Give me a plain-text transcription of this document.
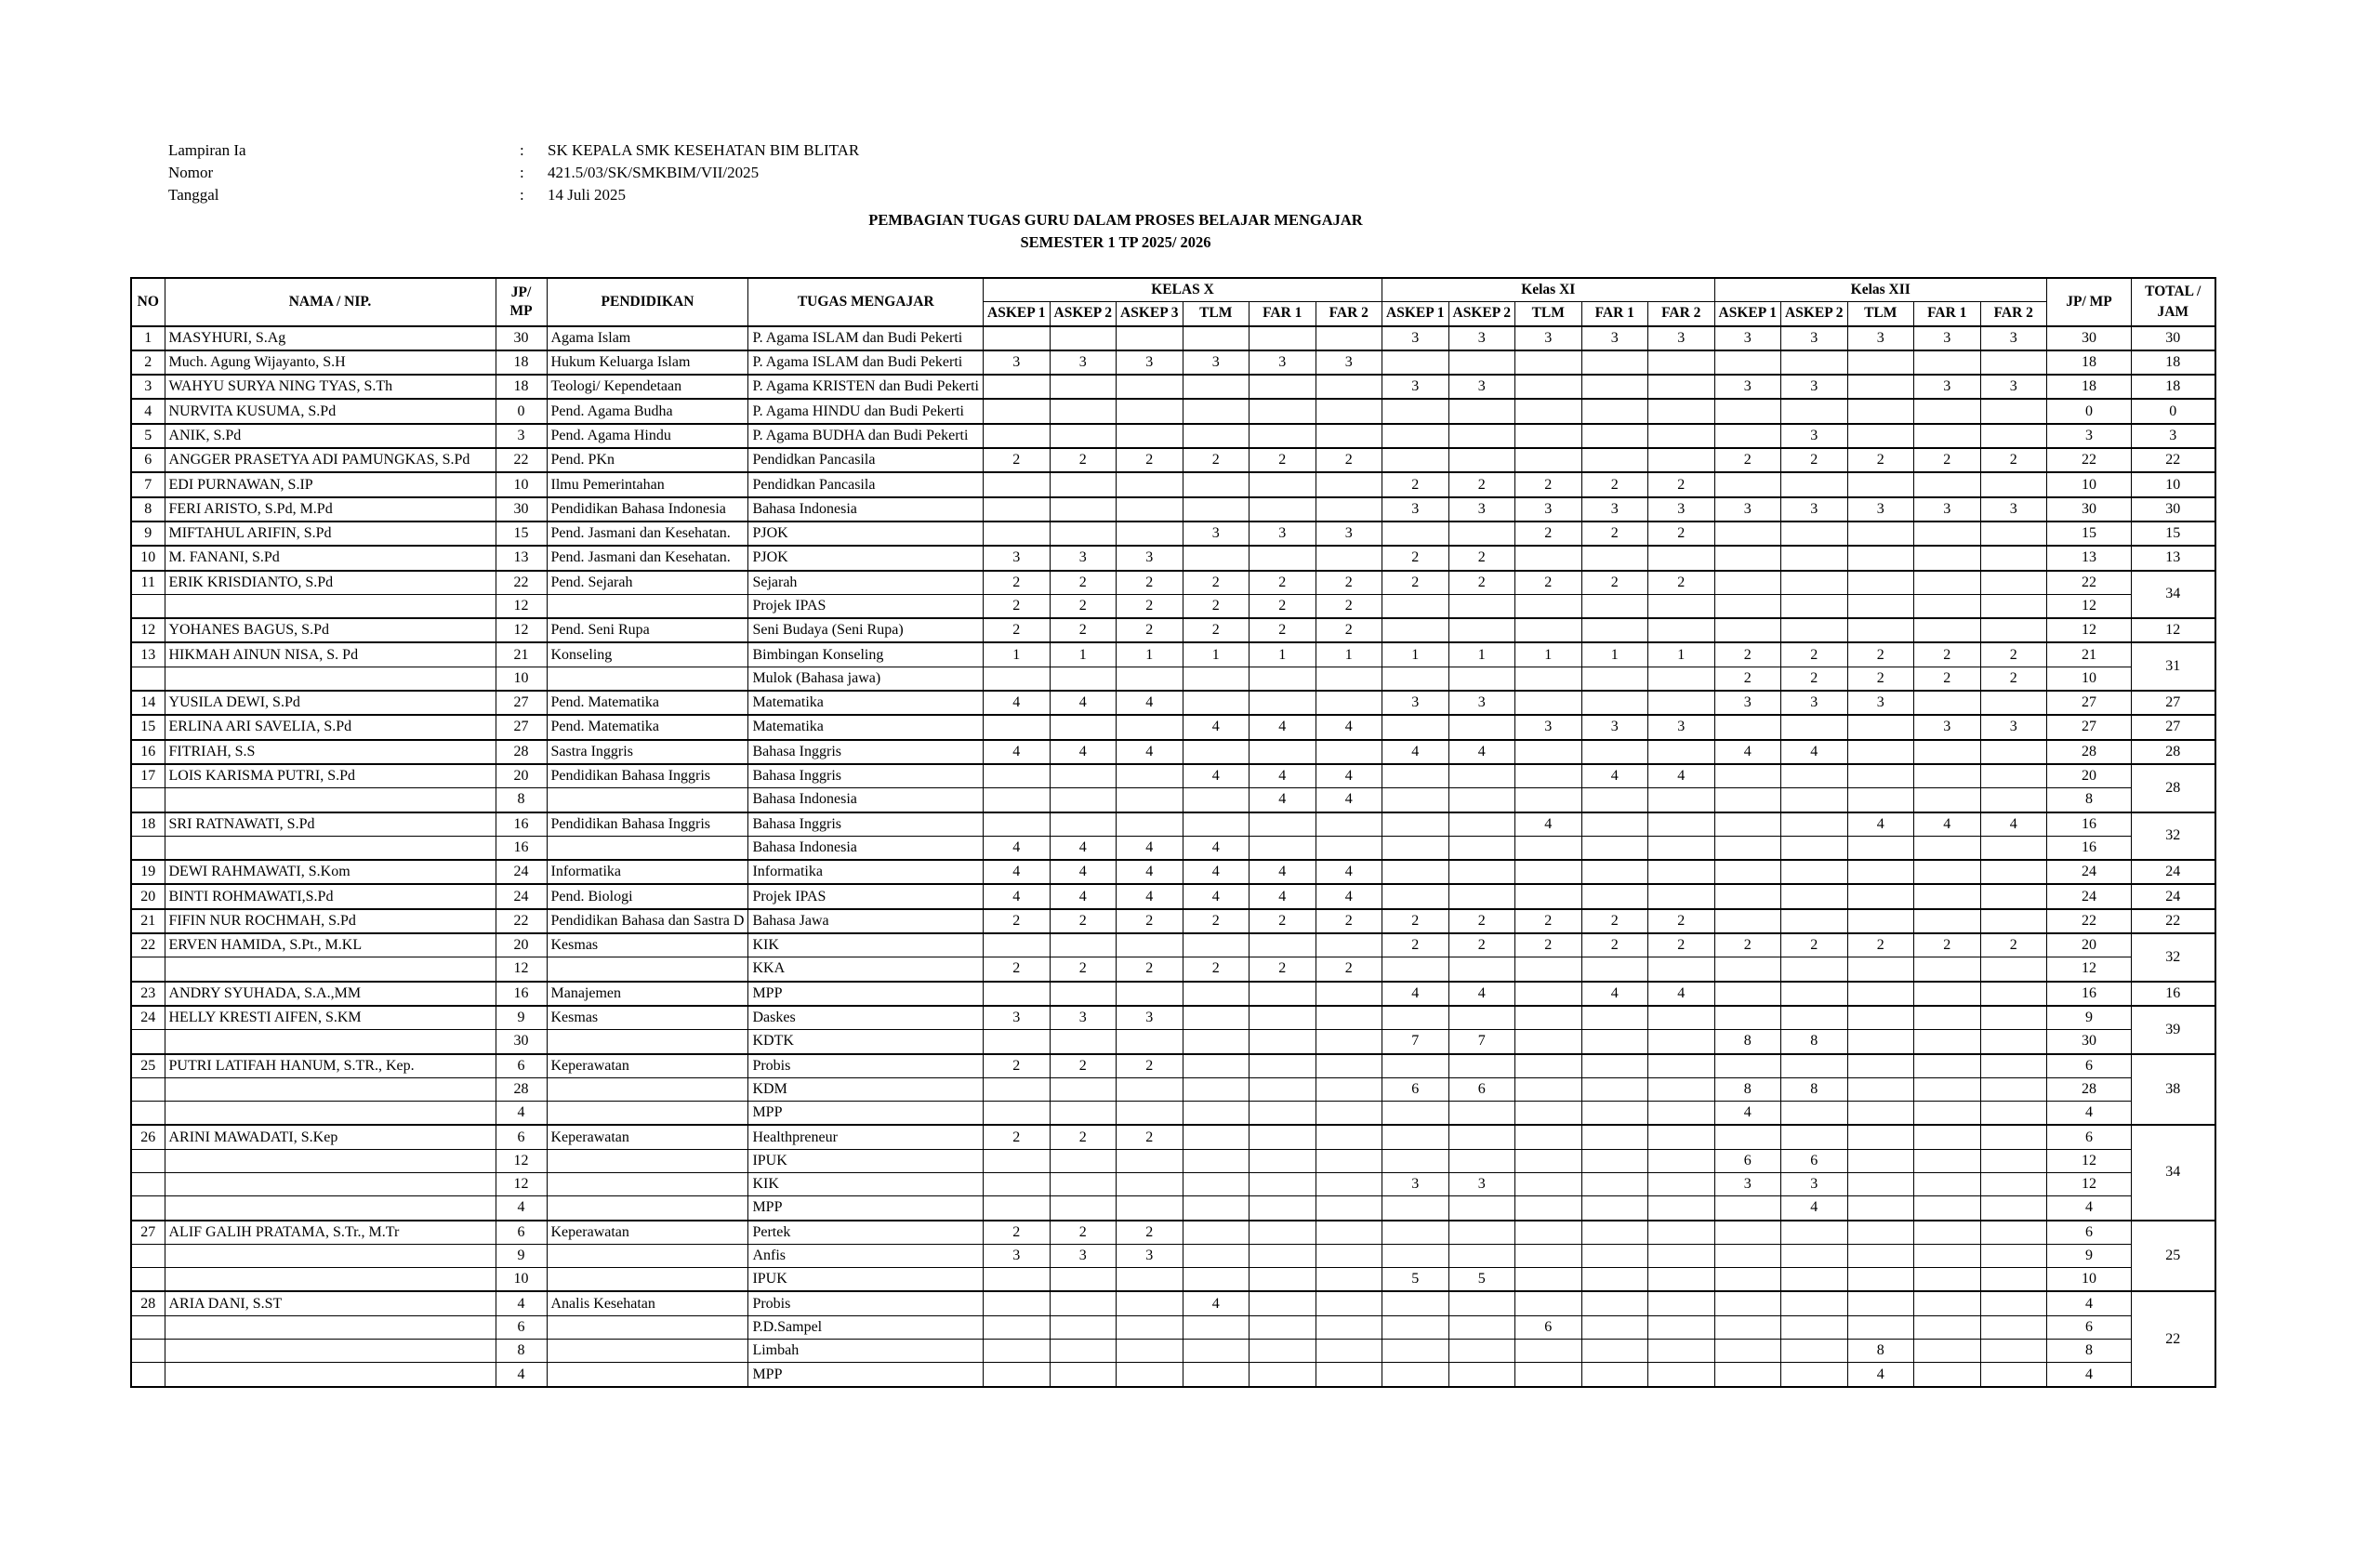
Lampiran Ia	:	SK KEPALA SMK KESEHATAN BIM BLITAR
Nomor	:	421.5/03/SK/SMKBIM/VII/2025
Tanggal	:	14 Juli 2025
PEMBAGIAN TUGAS GURU DALAM PROSES BELAJAR MENGAJAR
SEMESTER 1 TP 2025/ 2026
NO	NAMA / NIP.	JP/ MP	PENDIDIKAN	TUGAS MENGAJAR	KELAS X						Kelas XI					Kelas XII					JP/ MP	TOTAL / JAM
					ASKEP 1	ASKEP 2	ASKEP 3	TLM	FAR 1	FAR 2	ASKEP 1	ASKEP 2	TLM	FAR 1	FAR 2	ASKEP 1	ASKEP 2	TLM	FAR 1	FAR 2		
1	MASYHURI, S.Ag	30	Agama Islam	P. Agama ISLAM dan Budi Pekerti							3	3	3	3	3	3	3	3	3	3	30	30
2	Much. Agung Wijayanto, S.H	18	Hukum Keluarga Islam	P. Agama ISLAM dan Budi Pekerti	3	3	3	3	3	3											18	18
3	WAHYU SURYA NING TYAS, S.Th	18	Teologi/ Kependetaan	P. Agama KRISTEN dan Budi Pekerti							3	3				3	3		3	3	18	18
4	NURVITA KUSUMA, S.Pd	0	Pend. Agama Budha	P. Agama HINDU dan Budi Pekerti																	0	0
5	ANIK, S.Pd	3	Pend. Agama Hindu	P. Agama BUDHA dan Budi Pekerti													3				3	3
6	ANGGER PRASETYA ADI PAMUNGKAS, S.Pd	22	Pend. PKn	Pendidkan Pancasila	2	2	2	2	2	2						2	2	2	2	2	22	22
7	EDI PURNAWAN, S.IP	10	Ilmu Pemerintahan	Pendidkan Pancasila							2	2	2	2	2						10	10
8	FERI ARISTO, S.Pd, M.Pd	30	Pendidikan Bahasa Indonesia	Bahasa Indonesia							3	3	3	3	3	3	3	3	3	3	30	30
9	MIFTAHUL ARIFIN, S.Pd	15	Pend. Jasmani dan Kesehatan.	PJOK				3	3	3			2	2	2						15	15
10	M. FANANI, S.Pd	13	Pend. Jasmani dan Kesehatan.	PJOK	3	3	3				2	2									13	13
11	ERIK KRISDIANTO, S.Pd	22	Pend. Sejarah	Sejarah	2	2	2	2	2	2	2	2	2	2	2						22	34
		12		Projek IPAS	2	2	2	2	2	2											12	
12	YOHANES BAGUS, S.Pd	12	Pend. Seni Rupa	Seni Budaya (Seni Rupa)	2	2	2	2	2	2											12	12
13	HIKMAH AINUN NISA, S. Pd	21	Konseling	Bimbingan Konseling	1	1	1	1	1	1	1	1	1	1	1	2	2	2	2	2	21	31
		10		Mulok (Bahasa jawa)												2	2	2	2	2	10	
14	YUSILA DEWI, S.Pd	27	Pend. Matematika	Matematika	4	4	4				3	3				3	3	3			27	27
15	ERLINA ARI SAVELIA, S.Pd	27	Pend. Matematika	Matematika				4	4	4			3	3	3				3	3	27	27
16	FITRIAH, S.S	28	Sastra Inggris	Bahasa Inggris	4	4	4				4	4				4	4				28	28
17	LOIS KARISMA PUTRI, S.Pd	20	Pendidikan Bahasa Inggris	Bahasa Inggris				4	4	4				4	4						20	28
		8		Bahasa Indonesia					4	4											8	
18	SRI RATNAWATI, S.Pd	16	Pendidikan Bahasa Inggris	Bahasa Inggris									4					4	4	4	16	32
		16		Bahasa Indonesia	4	4	4	4													16	
19	DEWI RAHMAWATI, S.Kom	24	Informatika	Informatika	4	4	4	4	4	4											24	24
20	BINTI ROHMAWATI,S.Pd	24	Pend. Biologi	Projek IPAS	4	4	4	4	4	4											24	24
21	FIFIN NUR ROCHMAH, S.Pd	22	Pendidikan Bahasa dan Sastra D	Bahasa Jawa	2	2	2	2	2	2	2	2	2	2	2						22	22
22	ERVEN HAMIDA, S.Pt., M.KL	20	Kesmas	KIK							2	2	2	2	2	2	2	2	2	2	20	32
		12		KKA	2	2	2	2	2	2											12	
23	ANDRY SYUHADA, S.A.,MM	16	Manajemen	MPP							4	4		4	4						16	16
24	HELLY KRESTI AIFEN, S.KM	9	Kesmas	Daskes	3	3	3														9	39
		30		KDTK							7	7				8	8				30	
25	PUTRI LATIFAH HANUM, S.TR., Kep.	6	Keperawatan	Probis	2	2	2														6	38
		28		KDM							6	6				8	8				28	
		4		MPP												4					4	
26	ARINI MAWADATI, S.Kep	6	Keperawatan	Healthpreneur	2	2	2														6	34
		12		IPUK												6	6				12	
		12		KIK							3	3				3	3				12	
		4		MPP													4				4	
27	ALIF GALIH PRATAMA, S.Tr., M.Tr	6	Keperawatan	Pertek	2	2	2														6	25
		9		Anfis	3	3	3														9	
		10		IPUK							5	5									10	
28	ARIA DANI, S.ST	4	Analis Kesehatan	Probis				4													4	22
		6		P.D.Sampel									6								6	
		8		Limbah														8			8	
		4		MPP														4			4	
